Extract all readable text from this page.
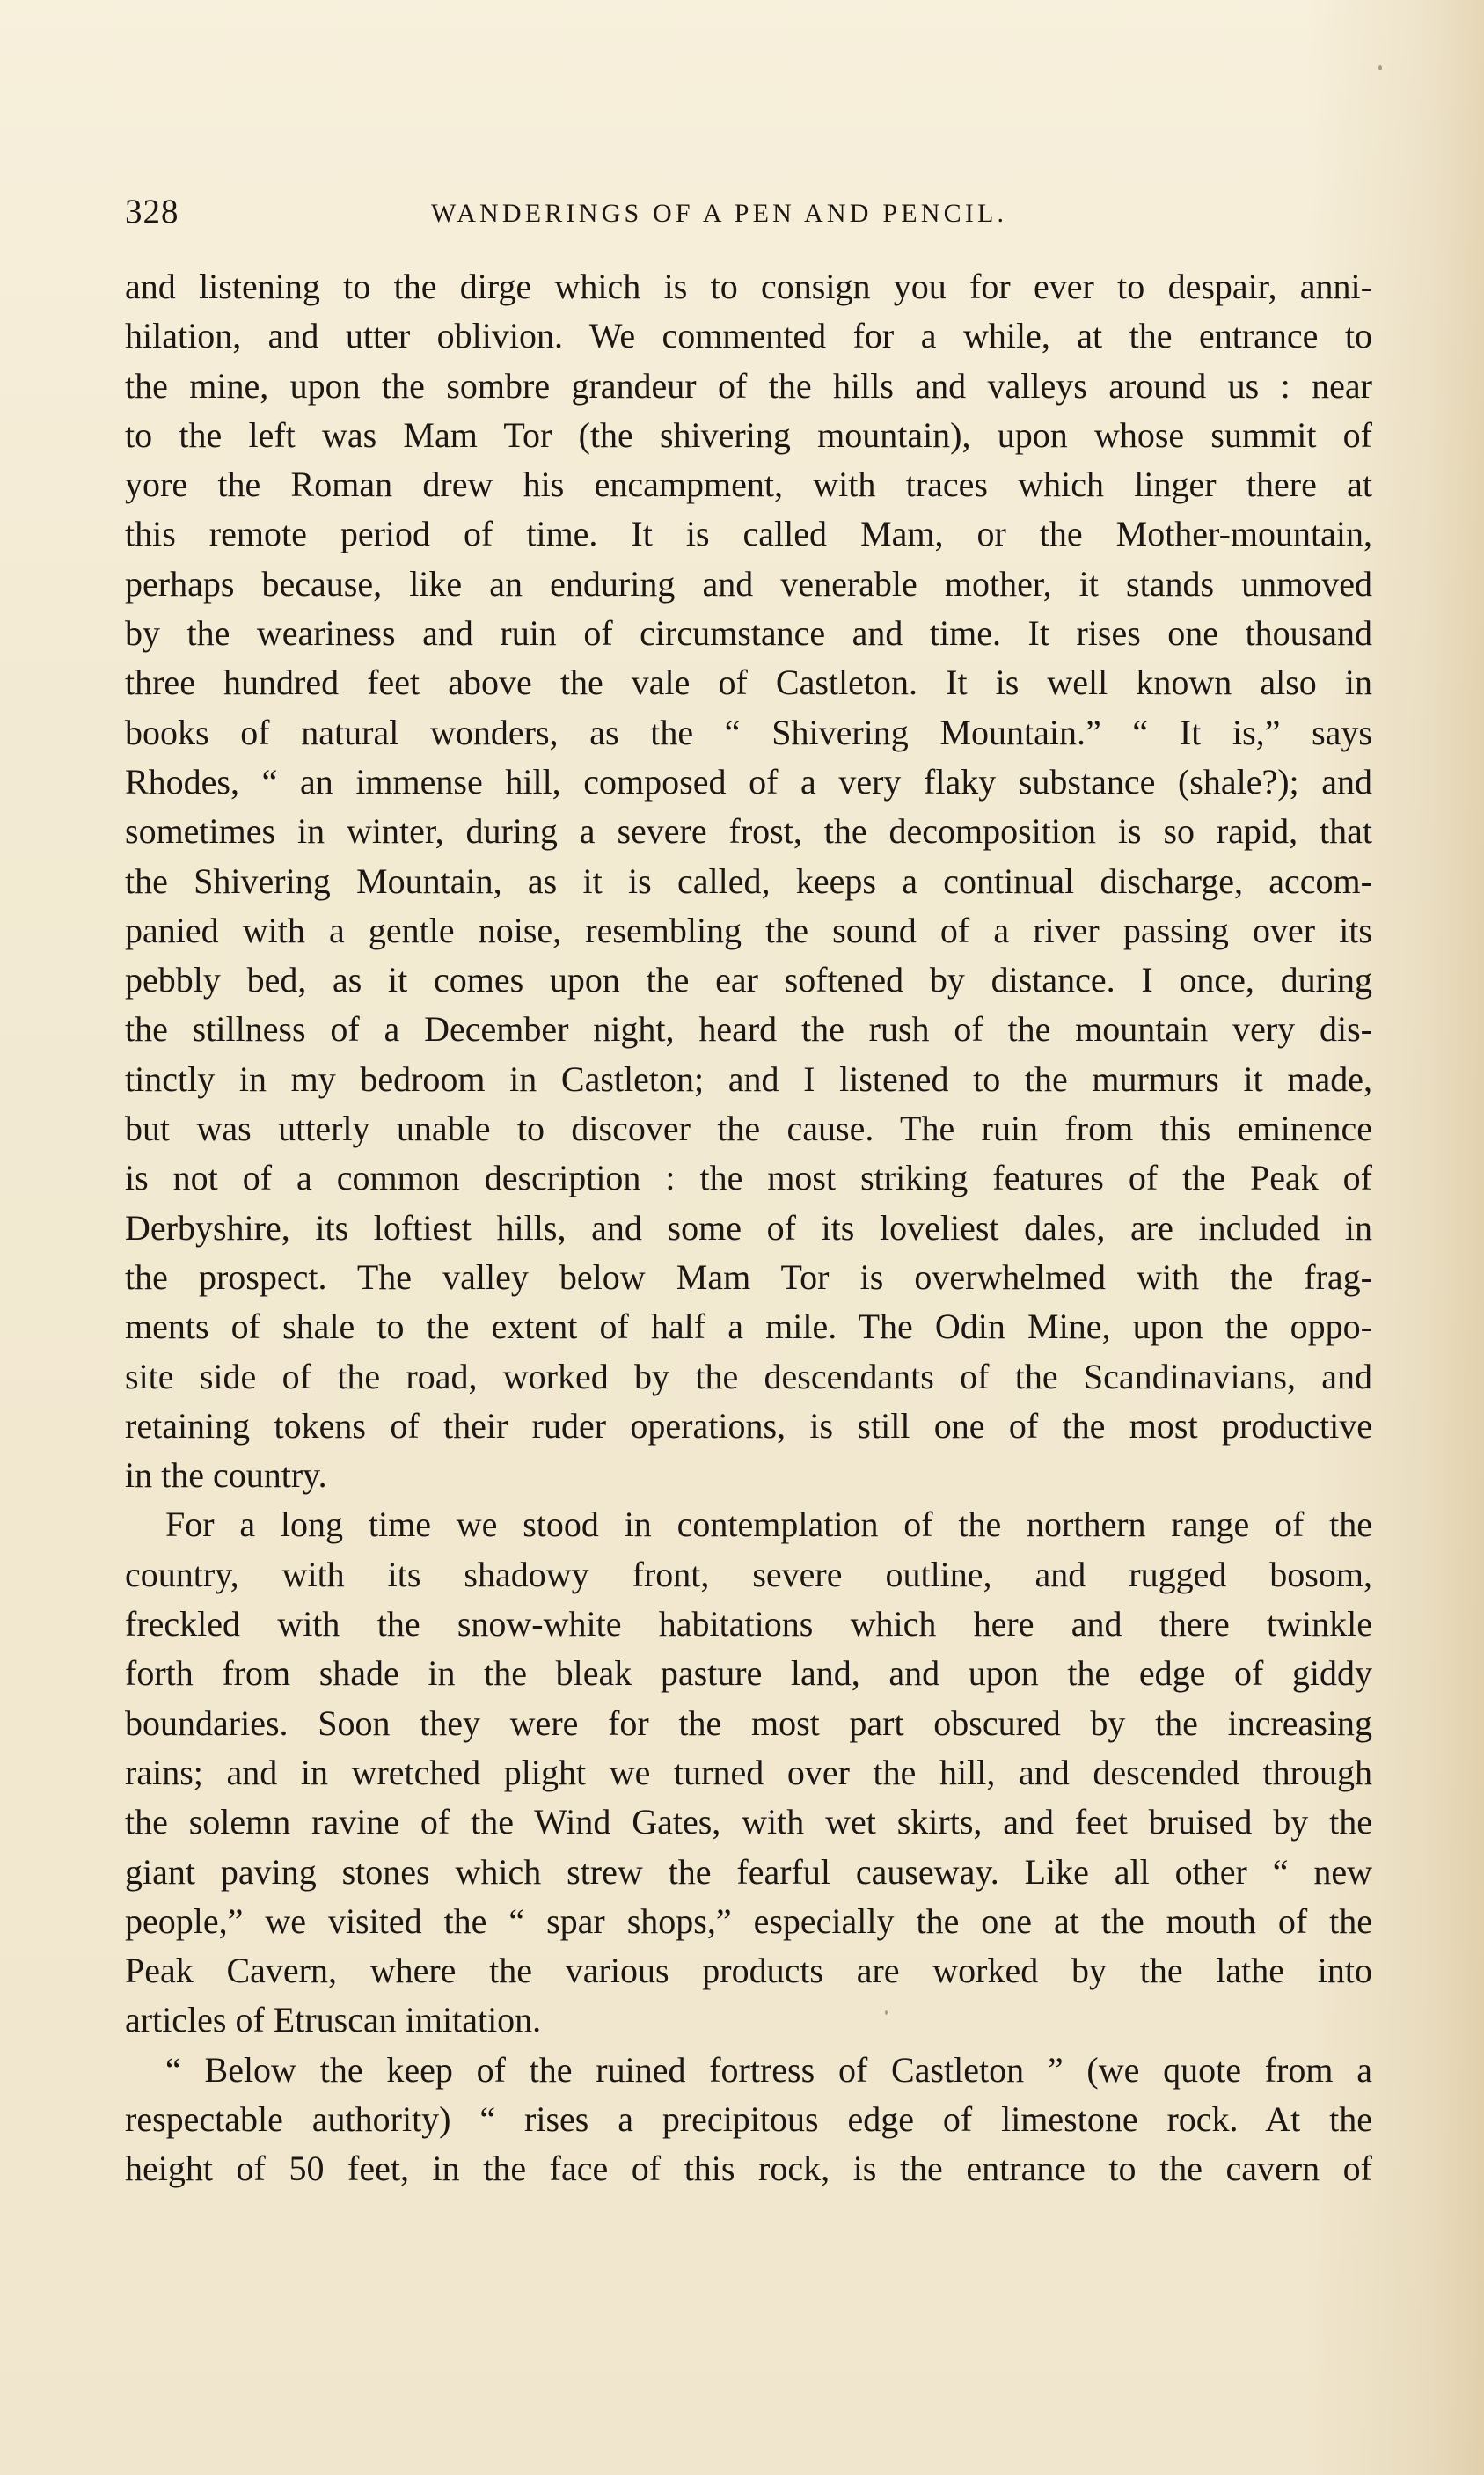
328	WANDERINGS OF A PEN AND PENCIL.
and listening to the dirge which is to consign you for ever to despair, anni-
hilation, and utter oblivion. We commented for a while, at the entrance to
the mine, upon the sombre grandeur of the hills and valleys around us : near
to the left was Mam Tor (the shivering mountain), upon whose summit of
yore the Roman drew his encampment, with traces which linger there at
this remote period of time. It is called Mam, or the Mother-mountain,
perhaps because, like an enduring and venerable mother, it stands unmoved
by the weariness and ruin of circumstance and time. It rises one thousand
three hundred feet above the vale of Castleton. It is well known also in
books of natural wonders, as the “ Shivering Mountain.” “ It is,” says
Rhodes, “ an immense hill, composed of a very flaky substance (shale?); and
sometimes in winter, during a severe frost, the decomposition is so rapid, that
the Shivering Mountain, as it is called, keeps a continual discharge, accom-
panied with a gentle noise, resembling the sound of a river passing over its
pebbly bed, as it comes upon the ear softened by distance. I once, during
the stillness of a December night, heard the rush of the mountain very dis-
tinctly in my bedroom in Castleton; and I listened to the murmurs it made,
but was utterly unable to discover the cause. The ruin from this eminence
is not of a common description : the most striking features of the Peak of
Derbyshire, its loftiest hills, and some of its loveliest dales, are included in
the prospect. The valley below Mam Tor is overwhelmed with the frag-
ments of shale to the extent of half a mile. The Odin Mine, upon the oppo-
site side of the road, worked by the descendants of the Scandinavians, and
retaining tokens of their ruder operations, is still one of the most productive
in the country.
For a long time we stood in contemplation of the northern range of the
country, with its shadowy front, severe outline, and rugged bosom,
freckled with the snow-white habitations which here and there twinkle
forth from shade in the bleak pasture land, and upon the edge of giddy
boundaries. Soon they were for the most part obscured by the increasing
rains; and in wretched plight we turned over the hill, and descended through
the solemn ravine of the Wind Gates, with wet skirts, and feet bruised by the
giant paving stones which strew the fearful causeway. Like all other “ new
people,” we visited the “ spar shops,” especially the one at the mouth of the
Peak Cavern, where the various products are worked by the lathe into
articles of Etruscan imitation.
“ Below the keep of the ruined fortress of Castleton ” (we quote from a
respectable authority) “ rises a precipitous edge of limestone rock. At the
height of 50 feet, in the face of this rock, is the entrance to the cavern of
